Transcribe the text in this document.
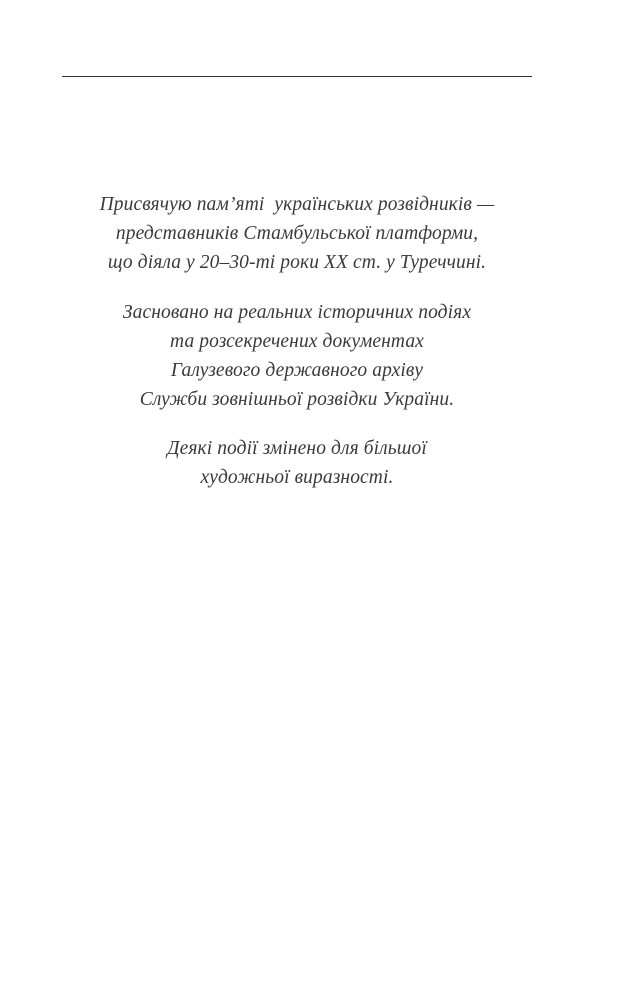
Присвячую пам’яті  українських розвідників —
представників Стамбульської платформи,
що діяла у 20–30-ті роки ХХ ст. у Туреччині.
Засновано на реальних історичних подіях
та розсекречених документах
Галузевого державного архіву
Служби зовнішньої розвідки України.
Деякі події змінено для більшої
художньої виразності.
